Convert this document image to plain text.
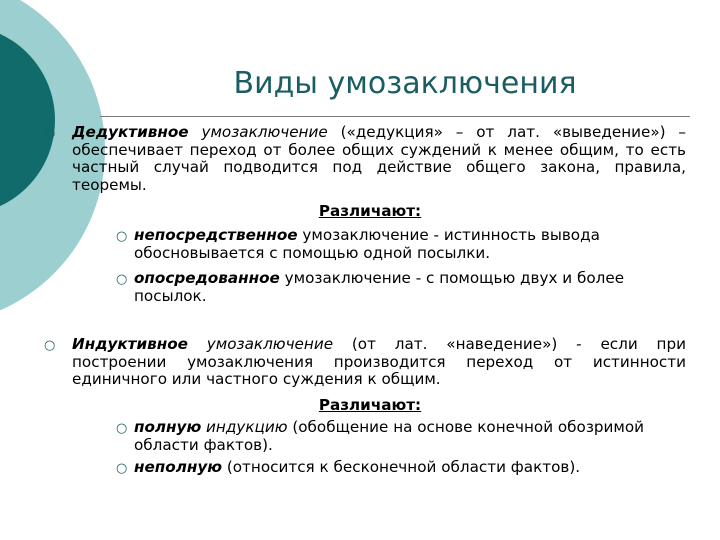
Виды умозаключения
○ Дедуктивное умозаключение («дедукция» – от лат. «выведение») – обеспечивает переход от более общих суждений к менее общим, то есть частный случай подводится под действие общего закона, правила, теоремы.
Различают:
○ непосредственное умозаключение - истинность вывода обосновывается с помощью одной посылки.
○ опосредованное умозаключение - с помощью двух и более посылок.
○ Индуктивное умозаключение (от лат. «наведение») - если при построении умозаключения производится переход от истинности единичного или частного суждения к общим.
Различают:
○ полную индукцию (обобщение на основе конечной обозримой области фактов).
○ неполную (относится к бесконечной области фактов).
